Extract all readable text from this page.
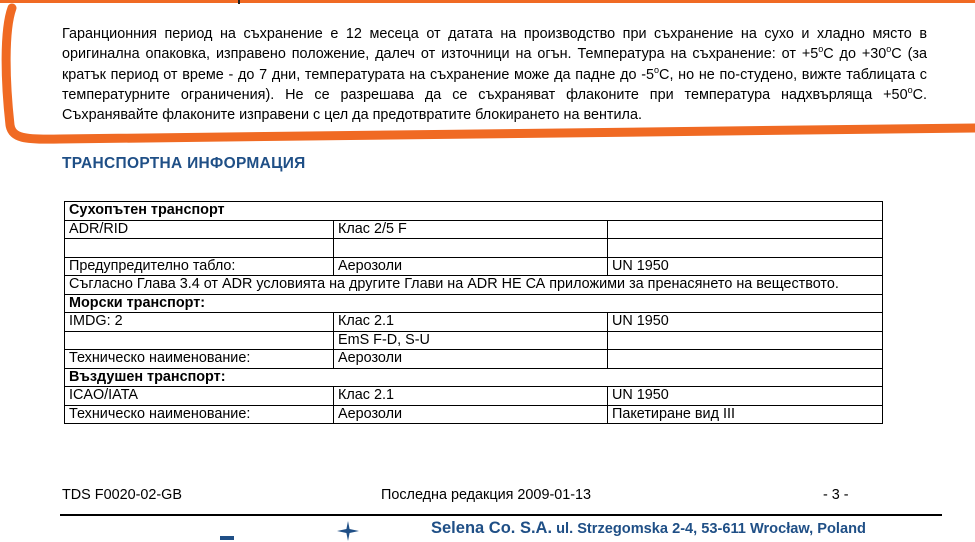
Гаранционния период на съхранение е 12 месеца от датата на производство при съхранение на сухо и хладно място в оригинална опаковка, изправено положение, далеч от източници на огън. Температура на съхранение: от $+5^oC$ до $+30^oC$ (за кратък период от време - до 7 дни, температурата на съхранение може да падне до -5$^o$C, но не по-студено, вижте таблицата с температурните ограничения). Не се разрешава да се съхраняват флаконите при температура надхвърляща $+50^oC$. Съхранявайте флаконите изправени с цел да предотвратите блокирането на вентила.

ТРАНСПОРТНА ИНФОРМАЦИЯ
Сухопътен транспорт		
ADR/RID	Клас 2/5 F	

Предупредително табло:	Аерозоли	UN 1950
Съгласно Глава 3.4 от ADR условията на другите Глави на ADR НЕ СА приложими за пренасянето на веществото.		
Морски транспорт:		
IMDG: 2	Клас 2.1	UN 1950
	EmS F-D, S-U	
Техническо наименование:	Аерозоли	
Въздушен транспорт:		
ICAO/IATA	Клас 2.1	UN 1950
Техническо наименование:	Аерозоли	Пакетиране вид III
TDS F0020-02-GB	Последна редакция 2009-01-13	- 3 -
Selena Co. S.A. ul. Strzegomska 2-4, 53-611 Wrocław, Poland
